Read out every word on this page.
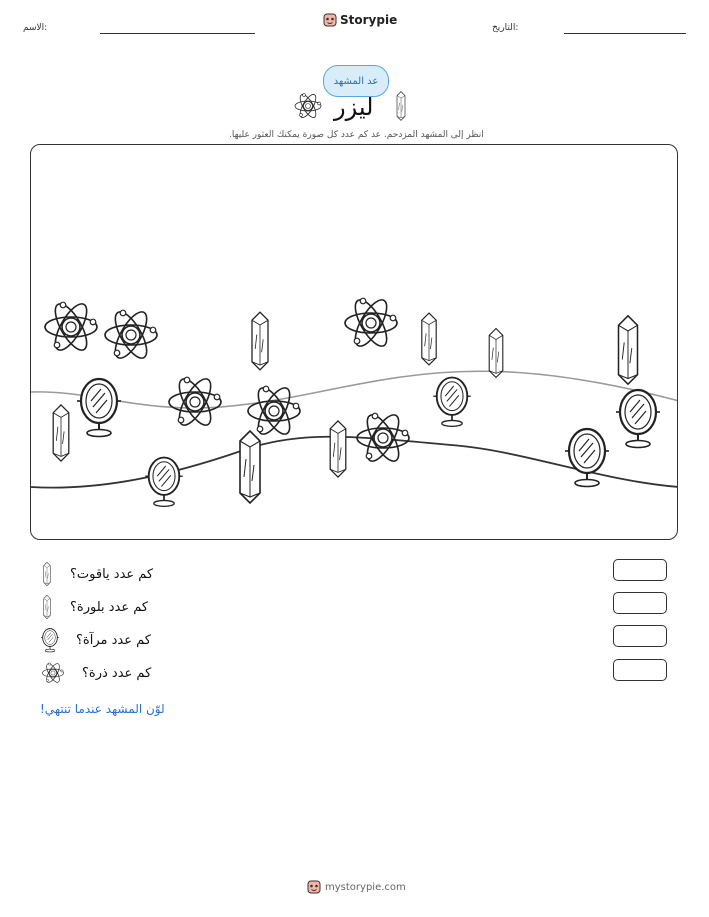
الاسم:
Storypie
التاريخ:
عد المشهد
ليزر
انظر إلى المشهد المزدحم. عد كم عدد كل صورة يمكنك العثور عليها.
كم عدد ياقوت؟
كم عدد بلورة؟
كم عدد مرآة؟
كم عدد ذرة؟
لوّن المشهد عندما تنتهي!
mystorypie.com
